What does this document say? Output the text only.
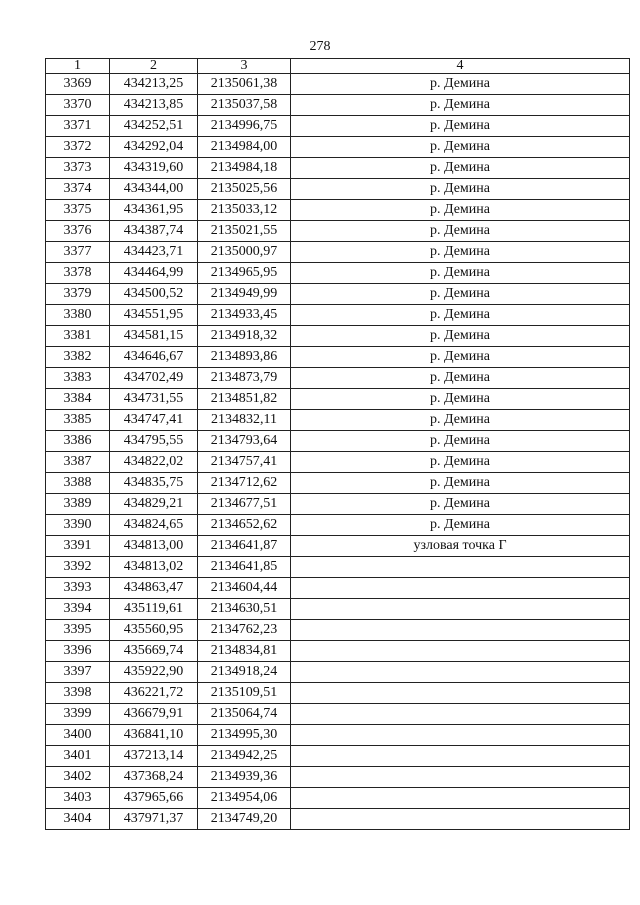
278
1	2	3	4
3369	434213,25	2135061,38	р. Демина
3370	434213,85	2135037,58	р. Демина
3371	434252,51	2134996,75	р. Демина
3372	434292,04	2134984,00	р. Демина
3373	434319,60	2134984,18	р. Демина
3374	434344,00	2135025,56	р. Демина
3375	434361,95	2135033,12	р. Демина
3376	434387,74	2135021,55	р. Демина
3377	434423,71	2135000,97	р. Демина
3378	434464,99	2134965,95	р. Демина
3379	434500,52	2134949,99	р. Демина
3380	434551,95	2134933,45	р. Демина
3381	434581,15	2134918,32	р. Демина
3382	434646,67	2134893,86	р. Демина
3383	434702,49	2134873,79	р. Демина
3384	434731,55	2134851,82	р. Демина
3385	434747,41	2134832,11	р. Демина
3386	434795,55	2134793,64	р. Демина
3387	434822,02	2134757,41	р. Демина
3388	434835,75	2134712,62	р. Демина
3389	434829,21	2134677,51	р. Демина
3390	434824,65	2134652,62	р. Демина
3391	434813,00	2134641,87	узловая точка Г
3392	434813,02	2134641,85	
3393	434863,47	2134604,44	
3394	435119,61	2134630,51	
3395	435560,95	2134762,23	
3396	435669,74	2134834,81	
3397	435922,90	2134918,24	
3398	436221,72	2135109,51	
3399	436679,91	2135064,74	
3400	436841,10	2134995,30	
3401	437213,14	2134942,25	
3402	437368,24	2134939,36	
3403	437965,66	2134954,06	
3404	437971,37	2134749,20	
